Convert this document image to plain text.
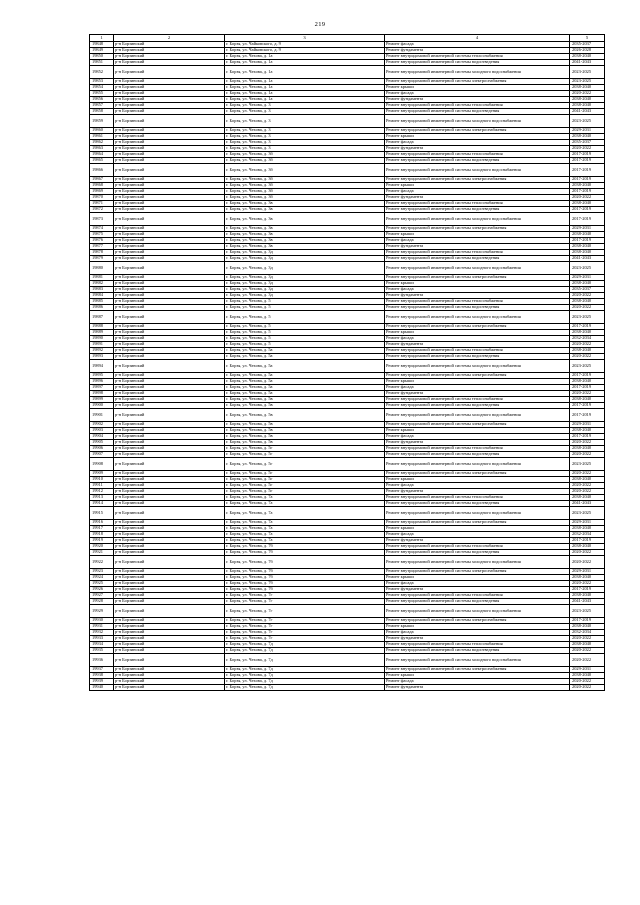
219
1	2	3	4	5
19848	р-н Борзинский	г. Борзя, ул. Чайковского, д. 9	Ремонт фасада	2035-2037
19849	р-н Борзинский	г. Борзя, ул. Чайковского, д. 9	Ремонт фундамента	2026-2028
19850	р-н Борзинский	г. Борзя, ул. Чехова, д. 1а	Ремонт внутридомовой инженерной системы теплоснабжения	2038-2040
19851	р-н Борзинский	г. Борзя, ул. Чехова, д. 1а	Ремонт внутридомовой инженерной системы водоотведения	2041-2043
19852	р-н Борзинский	г. Борзя, ул. Чехова, д. 1а	Ремонт внутридомовой инженерной системы холодного водоснабжения	2023-2025
19853	р-н Борзинский	г. Борзя, ул. Чехова, д. 1а	Ремонт внутридомовой инженерной системы электроснабжения	2023-2025
19854	р-н Борзинский	г. Борзя, ул. Чехова, д. 1а	Ремонт крыши	2038-2040
19855	р-н Борзинский	г. Борзя, ул. Чехова, д. 1а	Ремонт фасада	2020-2022
19856	р-н Борзинский	г. Борзя, ул. Чехова, д. 1а	Ремонт фундамента	2038-2040
19857	р-н Борзинский	г. Борзя, ул. Чехова, д. 3	Ремонт внутридомовой инженерной системы теплоснабжения	2038-2040
19858	р-н Борзинский	г. Борзя, ул. Чехова, д. 3	Ремонт внутридомовой инженерной системы водоотведения	2041-2043
19859	р-н Борзинский	г. Борзя, ул. Чехова, д. 3	Ремонт внутридомовой инженерной системы холодного водоснабжения	2023-2025
19860	р-н Борзинский	г. Борзя, ул. Чехова, д. 3	Ремонт внутридомовой инженерной системы электроснабжения	2029-2031
19861	р-н Борзинский	г. Борзя, ул. Чехова, д. 3	Ремонт крыши	2038-2040
19862	р-н Борзинский	г. Борзя, ул. Чехова, д. 3	Ремонт фасада	2035-2037
19863	р-н Борзинский	г. Борзя, ул. Чехова, д. 3	Ремонт фундамента	2020-2022
19864	р-н Борзинский	г. Борзя, ул. Чехова, д. 3б	Ремонт внутридомовой инженерной системы теплоснабжения	2017-2019
19865	р-н Борзинский	г. Борзя, ул. Чехова, д. 3б	Ремонт внутридомовой инженерной системы водоотведения	2017-2019
19866	р-н Борзинский	г. Борзя, ул. Чехова, д. 3б	Ремонт внутридомовой инженерной системы холодного водоснабжения	2017-2019
19867	р-н Борзинский	г. Борзя, ул. Чехова, д. 3б	Ремонт внутридомовой инженерной системы электроснабжения	2017-2019
19868	р-н Борзинский	г. Борзя, ул. Чехова, д. 3б	Ремонт крыши	2038-2040
19869	р-н Борзинский	г. Борзя, ул. Чехова, д. 3б	Ремонт фасада	2017-2019
19870	р-н Борзинский	г. Борзя, ул. Чехова, д. 3б	Ремонт фундамента	2020-2022
19871	р-н Борзинский	г. Борзя, ул. Чехова, д. 3в	Ремонт внутридомовой инженерной системы теплоснабжения	2038-2040
19872	р-н Борзинский	г. Борзя, ул. Чехова, д. 3в	Ремонт внутридомовой инженерной системы водоотведения	2017-2019
19873	р-н Борзинский	г. Борзя, ул. Чехова, д. 3в	Ремонт внутридомовой инженерной системы холодного водоснабжения	2017-2019
19874	р-н Борзинский	г. Борзя, ул. Чехова, д. 3в	Ремонт внутридомовой инженерной системы электроснабжения	2029-2031
19875	р-н Борзинский	г. Борзя, ул. Чехова, д. 3в	Ремонт крыши	2038-2040
19876	р-н Борзинский	г. Борзя, ул. Чехова, д. 3в	Ремонт фасада	2017-2019
19877	р-н Борзинский	г. Борзя, ул. Чехова, д. 3в	Ремонт фундамента	2038-2040
19878	р-н Борзинский	г. Борзя, ул. Чехова, д. 3д	Ремонт внутридомовой инженерной системы теплоснабжения	2038-2040
19879	р-н Борзинский	г. Борзя, ул. Чехова, д. 3д	Ремонт внутридомовой инженерной системы водоотведения	2041-2043
19880	р-н Борзинский	г. Борзя, ул. Чехова, д. 3д	Ремонт внутридомовой инженерной системы холодного водоснабжения	2023-2025
19881	р-н Борзинский	г. Борзя, ул. Чехова, д. 3д	Ремонт внутридомовой инженерной системы электроснабжения	2029-2031
19882	р-н Борзинский	г. Борзя, ул. Чехова, д. 3д	Ремонт крыши	2038-2040
19883	р-н Борзинский	г. Борзя, ул. Чехова, д. 3д	Ремонт фасада	2035-2037
19884	р-н Борзинский	г. Борзя, ул. Чехова, д. 3д	Ремонт фундамента	2020-2022
19885	р-н Борзинский	г. Борзя, ул. Чехова, д. 5	Ремонт внутридомовой инженерной системы теплоснабжения	2038-2040
19886	р-н Борзинский	г. Борзя, ул. Чехова, д. 5	Ремонт внутридомовой инженерной системы водоотведения	2020-2022
19887	р-н Борзинский	г. Борзя, ул. Чехова, д. 5	Ремонт внутридомовой инженерной системы холодного водоснабжения	2023-2025
19888	р-н Борзинский	г. Борзя, ул. Чехова, д. 5	Ремонт внутридомовой инженерной системы электроснабжения	2017-2019
19889	р-н Борзинский	г. Борзя, ул. Чехова, д. 5	Ремонт крыши	2038-2040
19890	р-н Борзинский	г. Борзя, ул. Чехова, д. 5	Ремонт фасада	2032-2034
19891	р-н Борзинский	г. Борзя, ул. Чехова, д. 5	Ремонт фундамента	2020-2022
19892	р-н Борзинский	г. Борзя, ул. Чехова, д. 5а	Ремонт внутридомовой инженерной системы теплоснабжения	2038-2040
19893	р-н Борзинский	г. Борзя, ул. Чехова, д. 5а	Ремонт внутридомовой инженерной системы водоотведения	2020-2022
19894	р-н Борзинский	г. Борзя, ул. Чехова, д. 5а	Ремонт внутридомовой инженерной системы холодного водоснабжения	2023-2025
19895	р-н Борзинский	г. Борзя, ул. Чехова, д. 5а	Ремонт внутридомовой инженерной системы электроснабжения	2017-2019
19896	р-н Борзинский	г. Борзя, ул. Чехова, д. 5а	Ремонт крыши	2038-2040
19897	р-н Борзинский	г. Борзя, ул. Чехова, д. 5а	Ремонт фасада	2017-2019
19898	р-н Борзинский	г. Борзя, ул. Чехова, д. 5а	Ремонт фундамента	2020-2022
19899	р-н Борзинский	г. Борзя, ул. Чехова, д. 5в	Ремонт внутридомовой инженерной системы теплоснабжения	2038-2040
19900	р-н Борзинский	г. Борзя, ул. Чехова, д. 5в	Ремонт внутридомовой инженерной системы водоотведения	2017-2019
19901	р-н Борзинский	г. Борзя, ул. Чехова, д. 5в	Ремонт внутридомовой инженерной системы холодного водоснабжения	2017-2019
19902	р-н Борзинский	г. Борзя, ул. Чехова, д. 5в	Ремонт внутридомовой инженерной системы электроснабжения	2029-2031
19903	р-н Борзинский	г. Борзя, ул. Чехова, д. 5в	Ремонт крыши	2038-2040
19904	р-н Борзинский	г. Борзя, ул. Чехова, д. 5в	Ремонт фасада	2017-2019
19905	р-н Борзинский	г. Борзя, ул. Чехова, д. 5в	Ремонт фундамента	2020-2022
19906	р-н Борзинский	г. Борзя, ул. Чехова, д. 5г	Ремонт внутридомовой инженерной системы теплоснабжения	2038-2040
19907	р-н Борзинский	г. Борзя, ул. Чехова, д. 5г	Ремонт внутридомовой инженерной системы водоотведения	2020-2022
19908	р-н Борзинский	г. Борзя, ул. Чехова, д. 5г	Ремонт внутридомовой инженерной системы холодного водоснабжения	2023-2025
19909	р-н Борзинский	г. Борзя, ул. Чехова, д. 5г	Ремонт внутридомовой инженерной системы электроснабжения	2020-2022
19910	р-н Борзинский	г. Борзя, ул. Чехова, д. 5г	Ремонт крыши	2038-2040
19911	р-н Борзинский	г. Борзя, ул. Чехова, д. 5г	Ремонт фасада	2020-2022
19912	р-н Борзинский	г. Борзя, ул. Чехова, д. 5г	Ремонт фундамента	2020-2022
19913	р-н Борзинский	г. Борзя, ул. Чехова, д. 7а	Ремонт внутридомовой инженерной системы теплоснабжения	2038-2040
19914	р-н Борзинский	г. Борзя, ул. Чехова, д. 7а	Ремонт внутридомовой инженерной системы водоотведения	2041-2043
19915	р-н Борзинский	г. Борзя, ул. Чехова, д. 7а	Ремонт внутридомовой инженерной системы холодного водоснабжения	2023-2025
19916	р-н Борзинский	г. Борзя, ул. Чехова, д. 7а	Ремонт внутридомовой инженерной системы электроснабжения	2029-2031
19917	р-н Борзинский	г. Борзя, ул. Чехова, д. 7а	Ремонт крыши	2038-2040
19918	р-н Борзинский	г. Борзя, ул. Чехова, д. 7а	Ремонт фасада	2032-2034
19919	р-н Борзинский	г. Борзя, ул. Чехова, д. 7а	Ремонт фундамента	2017-2019
19920	р-н Борзинский	г. Борзя, ул. Чехова, д. 7б	Ремонт внутридомовой инженерной системы теплоснабжения	2038-2040
19921	р-н Борзинский	г. Борзя, ул. Чехова, д. 7б	Ремонт внутридомовой инженерной системы водоотведения	2020-2022
19922	р-н Борзинский	г. Борзя, ул. Чехова, д. 7б	Ремонт внутридомовой инженерной системы холодного водоснабжения	2020-2022
19923	р-н Борзинский	г. Борзя, ул. Чехова, д. 7б	Ремонт внутридомовой инженерной системы электроснабжения	2029-2031
19924	р-н Борзинский	г. Борзя, ул. Чехова, д. 7б	Ремонт крыши	2038-2040
19925	р-н Борзинский	г. Борзя, ул. Чехова, д. 7б	Ремонт фасада	2020-2022
19926	р-н Борзинский	г. Борзя, ул. Чехова, д. 7б	Ремонт фундамента	2017-2019
19927	р-н Борзинский	г. Борзя, ул. Чехова, д. 7г	Ремонт внутридомовой инженерной системы теплоснабжения	2038-2040
19928	р-н Борзинский	г. Борзя, ул. Чехова, д. 7г	Ремонт внутридомовой инженерной системы водоотведения	2041-2043
19929	р-н Борзинский	г. Борзя, ул. Чехова, д. 7г	Ремонт внутридомовой инженерной системы холодного водоснабжения	2023-2025
19930	р-н Борзинский	г. Борзя, ул. Чехова, д. 7г	Ремонт внутридомовой инженерной системы электроснабжения	2017-2019
19931	р-н Борзинский	г. Борзя, ул. Чехова, д. 7г	Ремонт крыши	2038-2040
19932	р-н Борзинский	г. Борзя, ул. Чехова, д. 7г	Ремонт фасада	2032-2034
19933	р-н Борзинский	г. Борзя, ул. Чехова, д. 7г	Ремонт фундамента	2020-2022
19934	р-н Борзинский	г. Борзя, ул. Чехова, д. 7д	Ремонт внутридомовой инженерной системы теплоснабжения	2038-2040
19935	р-н Борзинский	г. Борзя, ул. Чехова, д. 7д	Ремонт внутридомовой инженерной системы водоотведения	2020-2022
19936	р-н Борзинский	г. Борзя, ул. Чехова, д. 7д	Ремонт внутридомовой инженерной системы холодного водоснабжения	2020-2022
19937	р-н Борзинский	г. Борзя, ул. Чехова, д. 7д	Ремонт внутридомовой инженерной системы электроснабжения	2029-2031
19938	р-н Борзинский	г. Борзя, ул. Чехова, д. 7д	Ремонт крыши	2038-2040
19939	р-н Борзинский	г. Борзя, ул. Чехова, д. 7д	Ремонт фасада	2020-2022
19940	р-н Борзинский	г. Борзя, ул. Чехова, д. 7д	Ремонт фундамента	2020-2022
